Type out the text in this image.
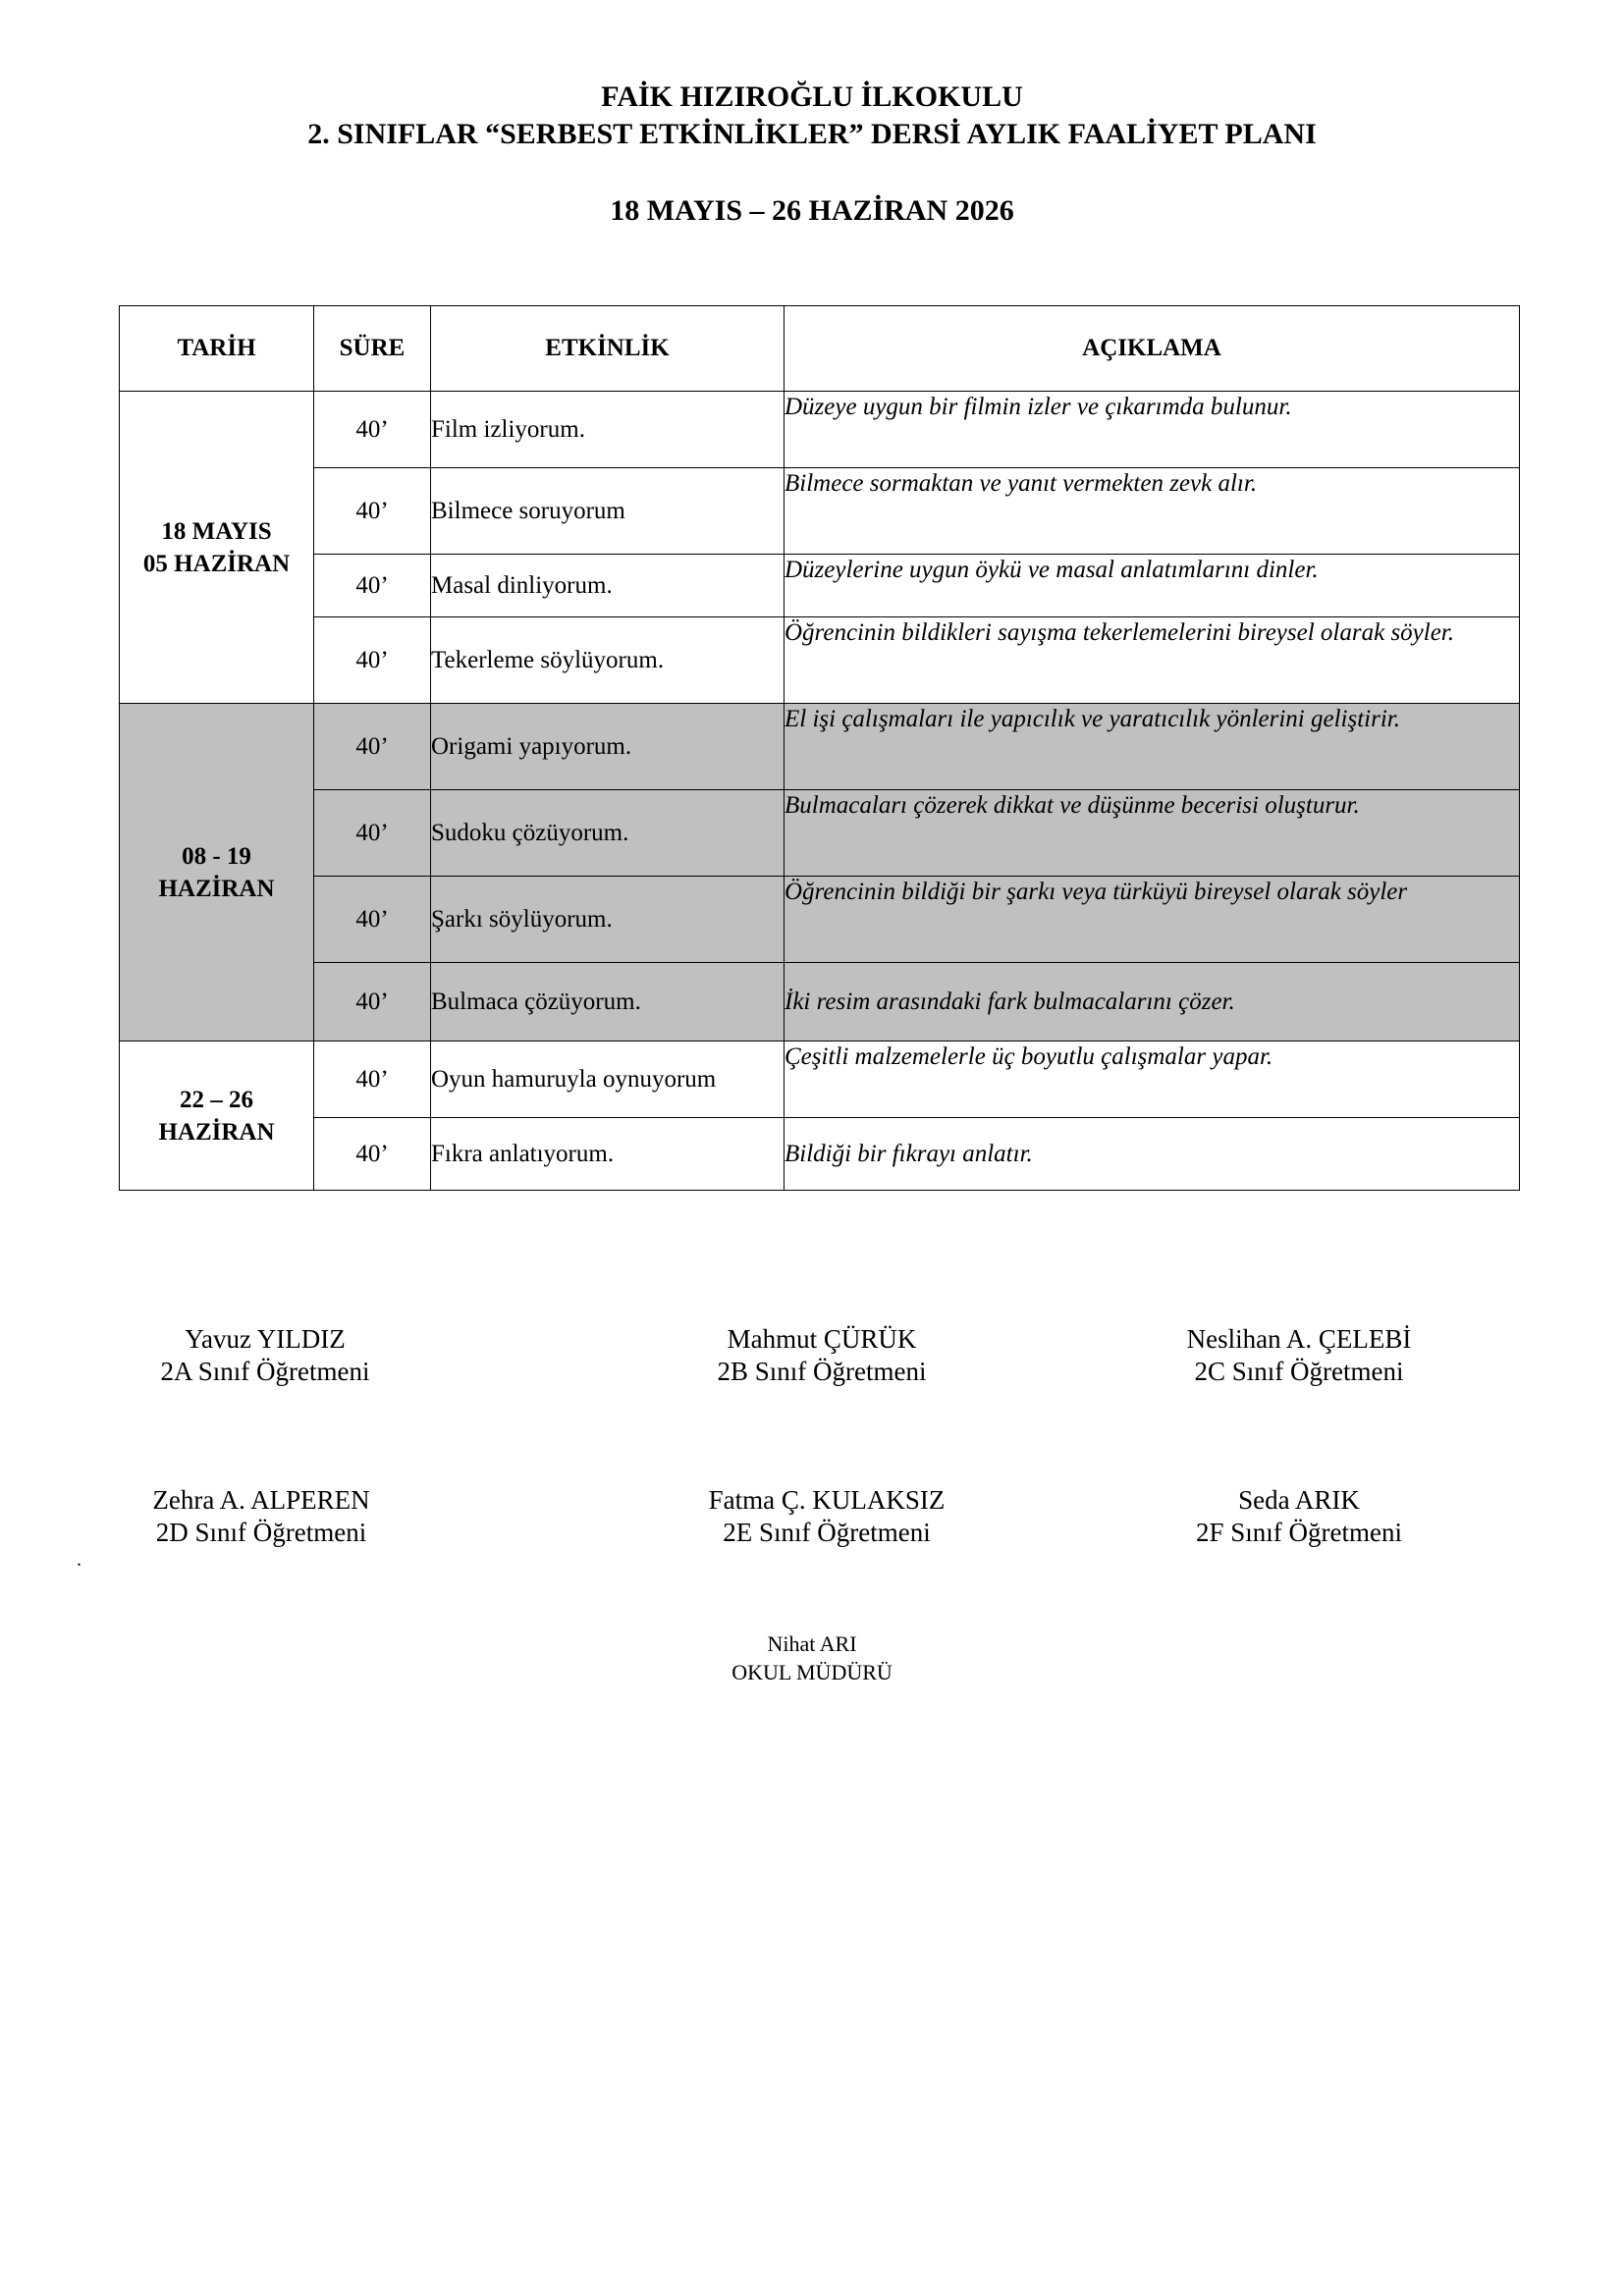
FAİK HIZIROĞLU İLKOKULU
2. SINIFLAR “SERBEST ETKİNLİKLER” DERSİ AYLIK FAALİYET PLANI
18 MAYIS – 26 HAZİRAN 2026
TARİH	SÜRE	ETKİNLİK	AÇIKLAMA

18 MAYIS
05 HAZİRAN	40’	Film izliyorum.	Düzeye uygun bir filmin izler ve çıkarımda bulunur.
	40’	Bilmece soruyorum	Bilmece sormaktan ve yanıt vermekten zevk alır.
	40’	Masal dinliyorum.	Düzeylerine uygun öykü ve masal anlatımlarını dinler.
	40’	Tekerleme söylüyorum.	Öğrencinin bildikleri sayışma tekerlemelerini bireysel olarak söyler.

08 - 19
HAZİRAN	40’	Origami yapıyorum.	El işi çalışmaları ile yapıcılık ve yaratıcılık yönlerini geliştirir.
	40’	Sudoku çözüyorum.	Bulmacaları çözerek dikkat ve düşünme becerisi oluşturur.
	40’	Şarkı söylüyorum.	Öğrencinin bildiği bir şarkı veya türküyü bireysel olarak söyler
	40’	Bulmaca çözüyorum.	İki resim arasındaki fark bulmacalarını çözer.

22 – 26
HAZİRAN	40’	Oyun hamuruyla oynuyorum	Çeşitli malzemelerle üç boyutlu çalışmalar yapar.
	40’	Fıkra anlatıyorum.	Bildiği bir fıkrayı anlatır.
Yavuz YILDIZ
2A Sınıf Öğretmeni
Mahmut ÇÜRÜK
2B Sınıf Öğretmeni
Neslihan A. ÇELEBİ
2C Sınıf Öğretmeni
Zehra A. ALPEREN
2D Sınıf Öğretmeni
Fatma Ç. KULAKSIZ
2E Sınıf Öğretmeni
Seda ARIK
2F Sınıf Öğretmeni
.
Nihat ARI
OKUL MÜDÜRÜ
